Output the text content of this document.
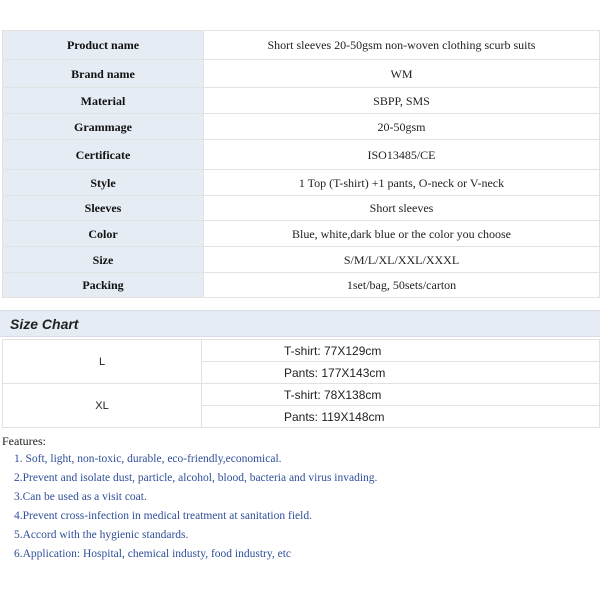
Product name	Short sleeves 20-50gsm non-woven clothing scurb suits
Brand name	WM
Material	SBPP, SMS
Grammage	20-50gsm
Certificate	ISO13485/CE
Style	1 Top (T-shirt) +1 pants, O-neck or V-neck
Sleeves	Short sleeves
Color	Blue, white,dark blue or the color you choose
Size	S/M/L/XL/XXL/XXXL
Packing	1set/bag, 50sets/carton
Size Chart
L	T-shirt: 77X129cm
	Pants: 177X143cm
XL	T-shirt: 78X138cm
	Pants: 119X148cm

Features:

1. Soft, light, non-toxic, durable, eco-friendly,economical.
2.Prevent and isolate dust, particle, alcohol, blood, bacteria and virus invading.
3.Can be used as a visit coat.
4.Prevent cross-infection in medical treatment at sanitation field.
5.Accord with the hygienic standards.
6.Application: Hospital, chemical industy, food industry, etc
